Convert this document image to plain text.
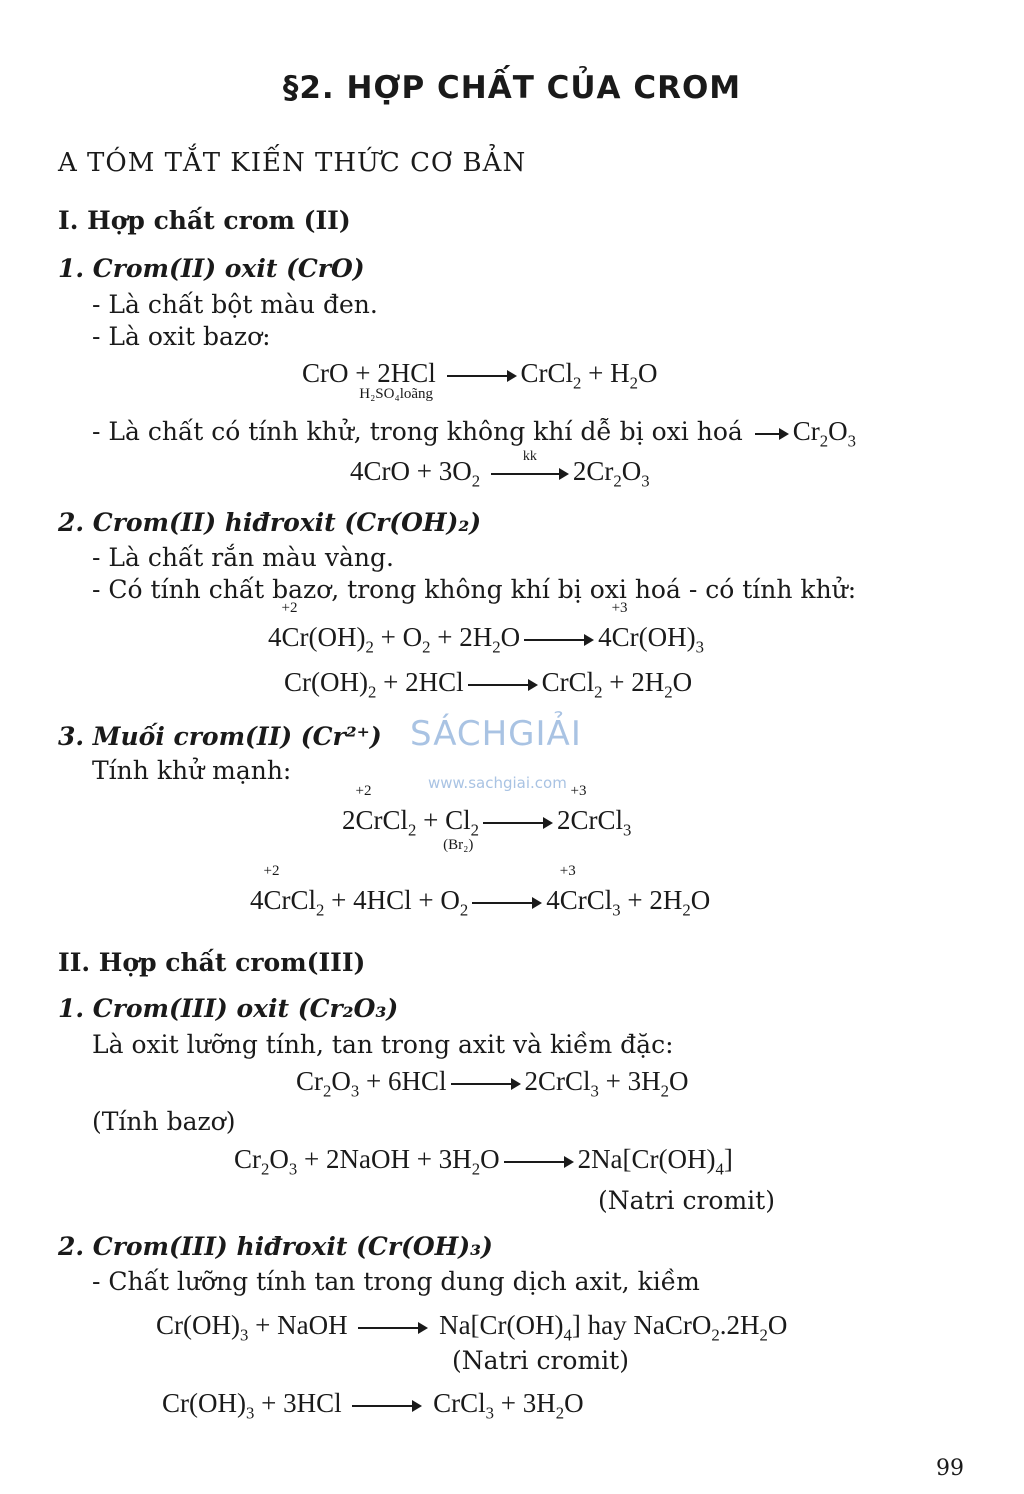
§2. HỢP CHẤT CỦA CROM
A TÓM TẮT KIẾN THỨC CƠ BẢN
I. Hợp chất crom (II)
1. Crom(II) oxit (CrO)
- Là chất bột màu đen.
- Là oxit bazơ:
CrO + 2HCl
H₂SO₄loãng
CrCl$_2$ + $H_2O$
- Là chất có tính khử, trong không khí dễ bị oxi hoá $Cr_2O_3$
$4CrO + 3O_2$
kk	$2Cr_2O_3$
2. Crom(II) hiđroxit (Cr(OH)₂)
- Là chất rắn màu vàng.
- Có tính chất bazơ, trong không khí bị oxi hoá - có tính khử:
4Cr
+2
$(OH)_2 + O_2 + 2H_2O$	4Cr
+3
$(OH)_3$
$Cr(OH)_2 + 2HCl$	CrCl$_2$ + $2H_2O$
3. Muối crom(II) (Cr²⁺)
Tính khử mạnh:
2Cr
+2
$Cl_2 + Cl_2$
(Br₂)
2Cr
+3
$Cl_3$
4Cr
+2
$Cl_2 + 4HCl + O_2$	4Cr
+3
$Cl_3 + 2H_2O$
II. Hợp chất crom(III)
1. Crom(III) oxit (Cr₂O₃)
Là oxit lưỡng tính, tan trong axit và kiềm đặc:
$Cr_2O_3 + 6HCl$	2CrCl$_3$ + $3H_2O$
(Tính bazơ)
$Cr_2O_3$ + 2NaOH + $3H_2O$	$2Na[Cr(OH)_4]$
(Natri cromit)
2. Crom(III) hiđroxit (Cr(OH)₃)
- Chất lưỡng tính tan trong dung dịch axit, kiềm
$Cr(OH)_3$ + NaOH	$Na[Cr(OH)_4]$ hay $NaCrO_2.2H_2O$
(Natri cromit)
$Cr(OH)_3 + 3HCl$	CrCl$_3$ + $3H_2O$
SÁCHGIẢI
www.sachgiai.com
99
